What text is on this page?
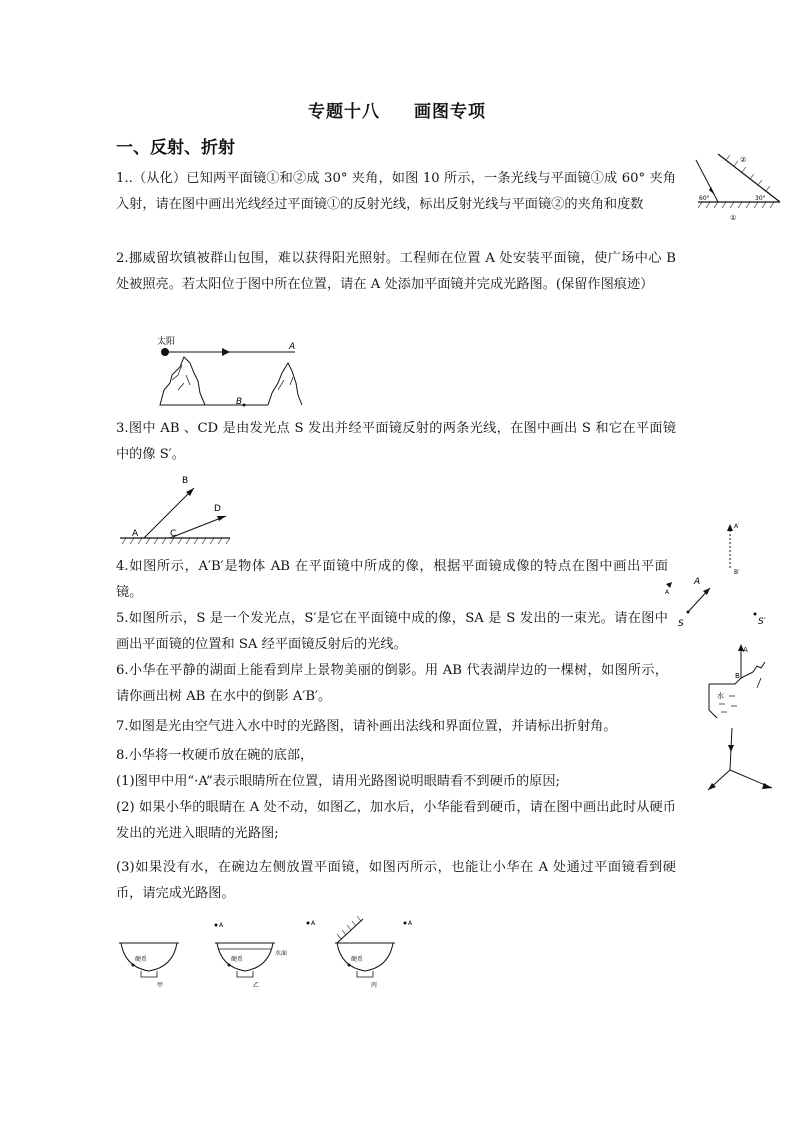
专题十八 画图专项
一、反射、折射
1..（从化）已知两平面镜①和②成 30° 夹角，如图 10 所示，一条光线与平面镜①成 60° 夹角入射，请在图中画出光线经过平面镜①的反射光线，标出反射光线与平面镜②的夹角和度数
2.挪威留坎镇被群山包围，难以获得阳光照射。工程师在位置 A 处安装平面镜，使广场中心 B 处被照亮。若太阳位于图中所在位置，请在 A 处添加平面镜并完成光路图。(保留作图痕迹）
3.图中 AB 、CD 是由发光点 S 发出并经平面镜反射的两条光线，在图中画出 S 和它在平面镜中的像 S′。
4.如图所示，A′B′是物体 AB 在平面镜中所成的像，根据平面镜成像的特点在图中画出平面镜。
5.如图所示，S 是一个发光点，S′是它在平面镜中成的像，SA 是 S 发出的一束光。请在图中画出平面镜的位置和 SA 经平面镜反射后的光线。
6.小华在平静的湖面上能看到岸上景物美丽的倒影。用 AB 代表湖岸边的一棵树，如图所示，请你画出树 AB 在水中的倒影 A′B′。
7.如图是光由空气进入水中时的光路图，请补画出法线和界面位置，并请标出折射角。
8.小华将一枚硬币放在碗的底部，
(1)图甲中用“·A”表示眼睛所在位置，请用光路图说明眼睛看不到硬币的原因;
(2) 如果小华的眼睛在 A 处不动，如图乙，加水后，小华能看到硬币，请在图中画出此时从硬币发出的光进入眼睛的光路图;
(3)如果没有水，在碗边左侧放置平面镜，如图丙所示，也能让小华在 A 处通过平面镜看到硬币，请完成光路图。
②
①
60°	30°
太阳	A
B
A
B
C
D
A′
B′
A
A
S	S′
A
B
水
硬币
甲
A
水面
硬币
乙
A
硬币
丙
A
